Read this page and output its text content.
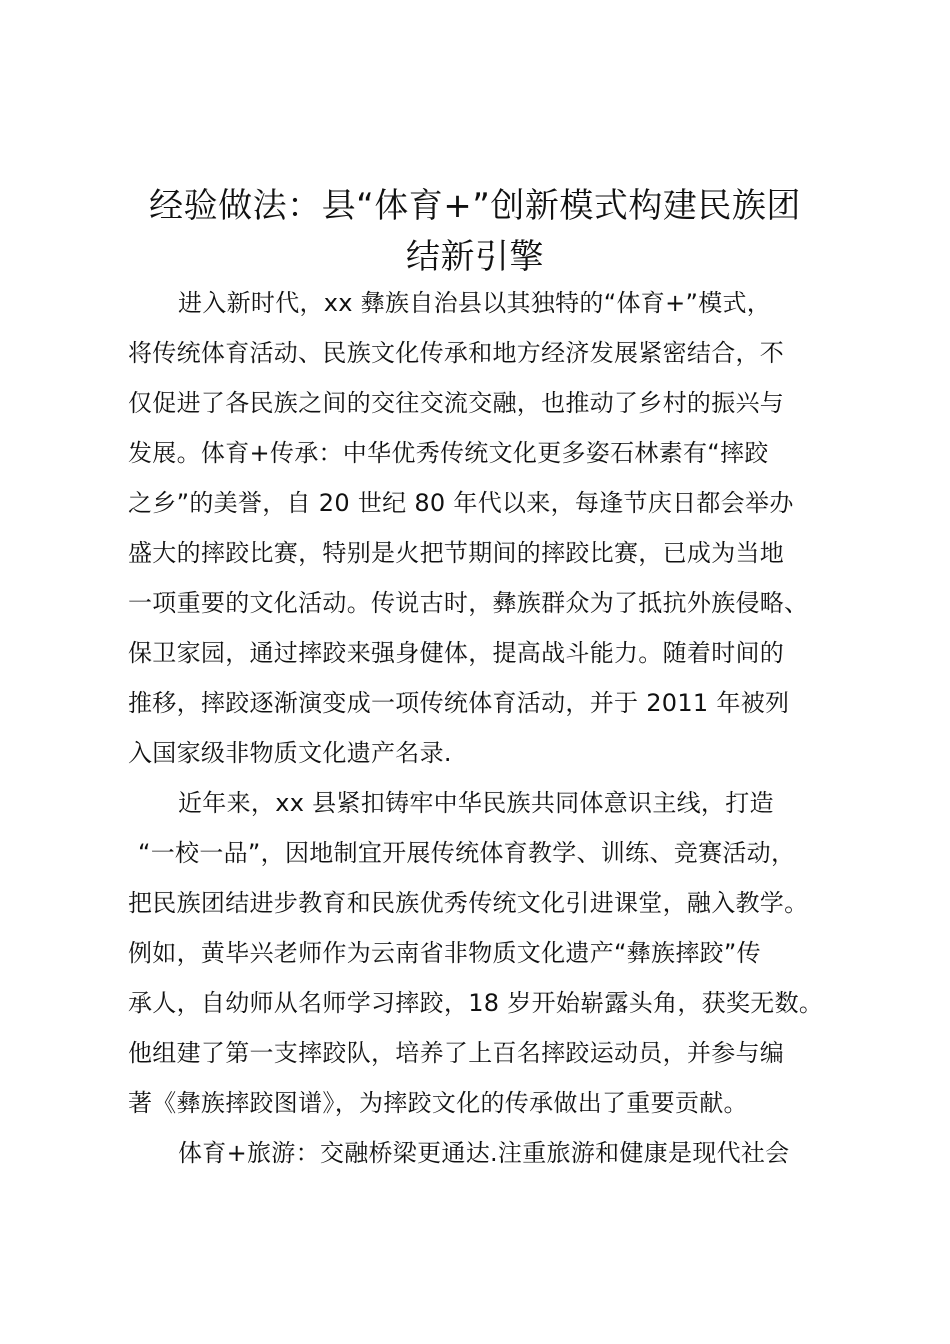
经验做法：县“体育+”创新模式构建民族团
结新引擎
进入新时代，xx 彝族自治县以其独特的“体育+”模式，
将传统体育活动、民族文化传承和地方经济发展紧密结合，不
仅促进了各民族之间的交往交流交融，也推动了乡村的振兴与
发展。体育+传承：中华优秀传统文化更多姿石林素有“摔跤
之乡”的美誉，自 20 世纪 80 年代以来，每逢节庆日都会举办
盛大的摔跤比赛，特别是火把节期间的摔跤比赛，已成为当地
一项重要的文化活动。传说古时，彝族群众为了抵抗外族侵略、
保卫家园，通过摔跤来强身健体，提高战斗能力。随着时间的
推移，摔跤逐渐演变成一项传统体育活动，并于 2011 年被列
入国家级非物质文化遗产名录.
近年来，xx 县紧扣铸牢中华民族共同体意识主线，打造
“一校一品”，因地制宜开展传统体育教学、训练、竞赛活动，
把民族团结进步教育和民族优秀传统文化引进课堂，融入教学。
例如，黄毕兴老师作为云南省非物质文化遗产“彝族摔跤”传
承人，自幼师从名师学习摔跤，18 岁开始崭露头角，获奖无数。
他组建了第一支摔跤队，培养了上百名摔跤运动员，并参与编
著《彝族摔跤图谱》，为摔跤文化的传承做出了重要贡献。
体育+旅游：交融桥梁更通达.注重旅游和健康是现代社会
